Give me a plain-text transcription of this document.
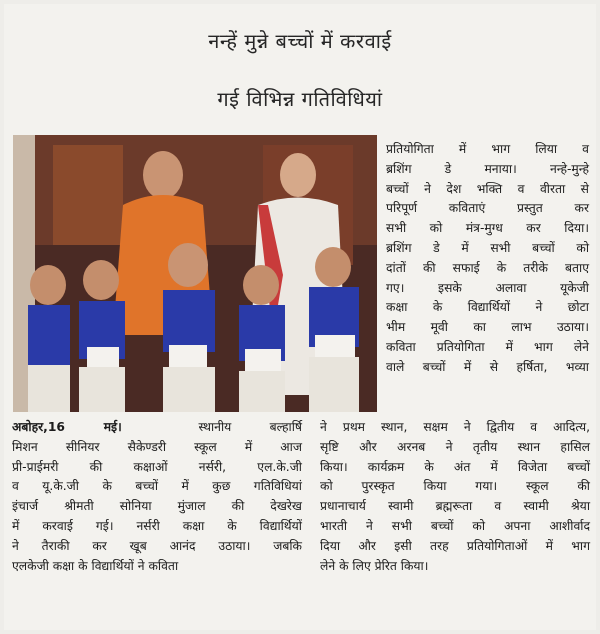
नन्हें मुन्ने बच्चों में करवाई
गई विभिन्न गतिविधियां
प्रतियोगिता में भाग लिया व
ब्रशिंग डे मनाया। नन्हे-मुन्हे
बच्चों ने देश भक्ति व वीरता से
परिपूर्ण कविताएं प्रस्तुत कर
सभी को मंत्र-मुग्ध कर दिया।
ब्रशिंग डे में सभी बच्चों को
दांतों की सफाई के तरीके बताए
गए। इसके अलावा यूकेजी
कक्षा के विद्यार्थियों ने छोटा
भीम मूवी का लाभ उठाया।
कविता प्रतियोगिता में भाग लेने
वाले बच्चों में से हर्षिता, भव्या
अबोहर,16 मई।	स्थानीय बल्हार्षि
मिशन सीनियर सैकेण्डरी स्कूल में आज
प्री-प्राईमरी की कक्षाओं नर्सरी, एल.के.जी
व यू.के.जी के बच्चों में कुछ गतिविधियां
इंचार्ज श्रीमती सोनिया मुंजाल की देखरेख
में करवाई गई। नर्सरी कक्षा के विद्यार्थियों
ने तैराकी कर खूब आनंद उठाया। जबकि
एलकेजी कक्षा के विद्यार्थियों ने कविता
ने प्रथम स्थान, सक्षम ने द्वितीय व आदित्य,
सृष्टि और अरनब ने तृतीय स्थान हासिल
किया। कार्यक्रम के अंत में विजेता बच्चों
को पुरस्कृत किया गया। स्कूल की
प्रधानाचार्य स्वामी ब्रह्मरूता व स्वामी श्रेया
भारती ने सभी बच्चों को अपना आशीर्वाद
दिया और इसी तरह प्रतियोगिताओं में भाग
लेने के लिए प्रेरित किया।
